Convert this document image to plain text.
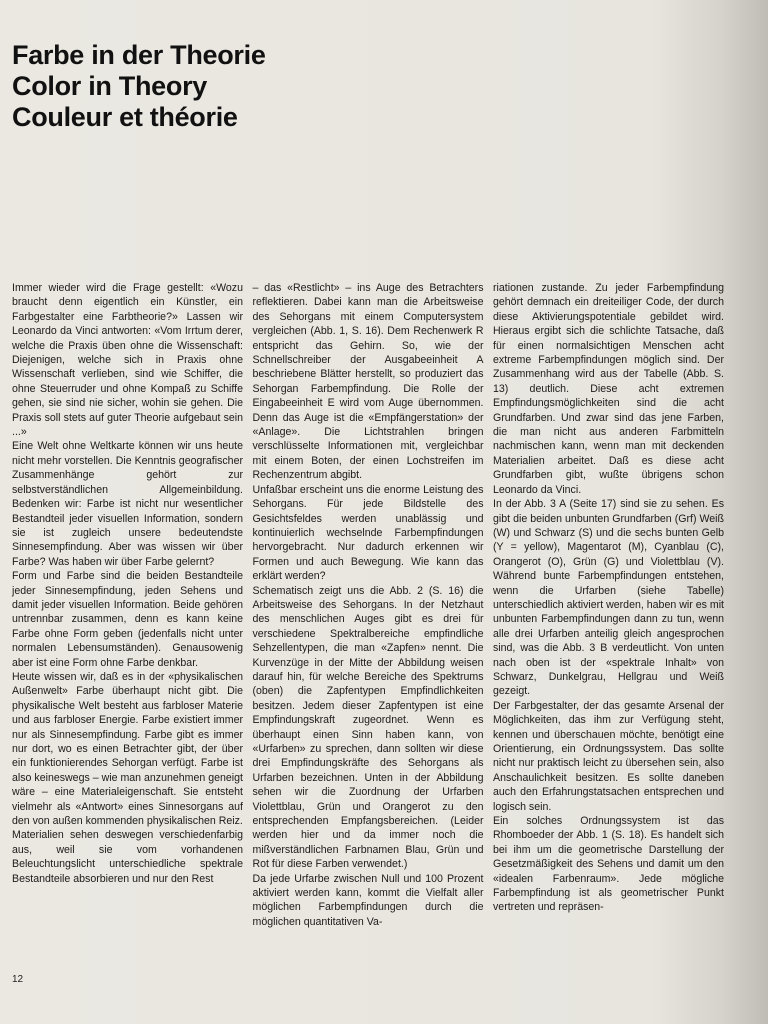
Farbe in der Theorie
Color in Theory
Couleur et théorie

Immer wieder wird die Frage gestellt: «Wozu braucht denn eigentlich ein Künstler, ein Farbgestalter eine Farbtheorie?» Lassen wir Leonardo da Vinci antworten: «Vom Irrtum derer, welche die Praxis üben ohne die Wissenschaft: Diejenigen, welche sich in Praxis ohne Wissenschaft verlieben, sind wie Schiffer, die ohne Steuerruder und ohne Kompaß zu Schiffe gehen, sie sind nie sicher, wohin sie gehen. Die Praxis soll stets auf guter Theorie aufgebaut sein ...»

Eine Welt ohne Weltkarte können wir uns heute nicht mehr vorstellen. Die Kenntnis geografischer Zusammenhänge gehört zur selbstverständlichen Allgemeinbildung. Bedenken wir: Farbe ist nicht nur wesentlicher Bestandteil jeder visuellen Information, sondern sie ist zugleich unsere bedeutendste Sinnesempfindung. Aber was wissen wir über Farbe? Was haben wir über Farbe gelernt?

Form und Farbe sind die beiden Bestandteile jeder Sinnesempfindung, jeden Sehens und damit jeder visuellen Information. Beide gehören untrennbar zusammen, denn es kann keine Farbe ohne Form geben (jedenfalls nicht unter normalen Lebensumständen). Genausowenig aber ist eine Form ohne Farbe denkbar.

Heute wissen wir, daß es in der «physikalischen Außenwelt» Farbe überhaupt nicht gibt. Die physikalische Welt besteht aus farbloser Materie und aus farbloser Energie. Farbe existiert immer nur als Sinnesempfindung. Farbe gibt es immer nur dort, wo es einen Betrachter gibt, der über ein funktionierendes Sehorgan verfügt. Farbe ist also keineswegs – wie man anzunehmen geneigt wäre – eine Materialeigenschaft. Sie entsteht vielmehr als «Antwort» eines Sinnesorgans auf den von außen kommenden physikalischen Reiz.

Materialien sehen deswegen verschiedenfarbig aus, weil sie vom vorhandenen Beleuchtungslicht unterschiedliche spektrale Bestandteile absorbieren und nur den Rest

– das «Restlicht» – ins Auge des Betrachters reflektieren. Dabei kann man die Arbeitsweise des Sehorgans mit einem Computersystem vergleichen (Abb. 1, S. 16). Dem Rechenwerk R entspricht das Gehirn. So, wie der Schnellschreiber der Ausgabeeinheit A beschriebene Blätter herstellt, so produziert das Sehorgan Farbempfindung. Die Rolle der Eingabeeinheit E wird vom Auge übernommen. Denn das Auge ist die «Empfängerstation» der «Anlage». Die Lichtstrahlen bringen verschlüsselte Informationen mit, vergleichbar mit einem Boten, der einen Lochstreifen im Rechenzentrum abgibt.

Unfaßbar erscheint uns die enorme Leistung des Sehorgans. Für jede Bildstelle des Gesichtsfeldes werden unablässig und kontinuierlich wechselnde Farbempfindungen hervorgebracht. Nur dadurch erkennen wir Formen und auch Bewegung. Wie kann das erklärt werden?

Schematisch zeigt uns die Abb. 2 (S. 16) die Arbeitsweise des Sehorgans. In der Netzhaut des menschlichen Auges gibt es drei für verschiedene Spektralbereiche empfindliche Sehzellentypen, die man «Zapfen» nennt. Die Kurvenzüge in der Mitte der Abbildung weisen darauf hin, für welche Bereiche des Spektrums (oben) die Zapfentypen Empfindlichkeiten besitzen. Jedem dieser Zapfentypen ist eine Empfindungskraft zugeordnet. Wenn es überhaupt einen Sinn haben kann, von «Urfarben» zu sprechen, dann sollten wir diese drei Empfindungskräfte des Sehorgans als Urfarben bezeichnen. Unten in der Abbildung sehen wir die Zuordnung der Urfarben Violettblau, Grün und Orangerot zu den entsprechenden Empfangsbereichen. (Leider werden hier und da immer noch die mißverständlichen Farbnamen Blau, Grün und Rot für diese Farben verwendet.)

Da jede Urfarbe zwischen Null und 100 Prozent aktiviert werden kann, kommt die Vielfalt aller möglichen Farbempfindungen durch die möglichen quantitativen Va-

riationen zustande. Zu jeder Farbempfindung gehört demnach ein dreiteiliger Code, der durch diese Aktivierungspotentiale gebildet wird. Hieraus ergibt sich die schlichte Tatsache, daß für einen normalsichtigen Menschen acht extreme Farbempfindungen möglich sind. Der Zusammenhang wird aus der Tabelle (Abb. S. 13) deutlich. Diese acht extremen Empfindungsmöglichkeiten sind die acht Grundfarben. Und zwar sind das jene Farben, die man nicht aus anderen Farbmitteln nachmischen kann, wenn man mit deckenden Materialien arbeitet. Daß es diese acht Grundfarben gibt, wußte übrigens schon Leonardo da Vinci.

In der Abb. 3 A (Seite 17) sind sie zu sehen. Es gibt die beiden unbunten Grundfarben (Grf) Weiß (W) und Schwarz (S) und die sechs bunten Gelb (Y = yellow), Magentarot (M), Cyanblau (C), Orangerot (O), Grün (G) und Violettblau (V). Während bunte Farbempfindungen entstehen, wenn die Urfarben (siehe Tabelle) unterschiedlich aktiviert werden, haben wir es mit unbunten Farbempfindungen dann zu tun, wenn alle drei Urfarben anteilig gleich angesprochen sind, was die Abb. 3 B verdeutlicht. Von unten nach oben ist der «spektrale Inhalt» von Schwarz, Dunkelgrau, Hellgrau und Weiß gezeigt.

Der Farbgestalter, der das gesamte Arsenal der Möglichkeiten, das ihm zur Verfügung steht, kennen und überschauen möchte, benötigt eine Orientierung, ein Ordnungssystem. Das sollte nicht nur praktisch leicht zu übersehen sein, also Anschaulichkeit besitzen. Es sollte daneben auch den Erfahrungstatsachen entsprechen und logisch sein.

Ein solches Ordnungssystem ist das Rhomboeder der Abb. 1 (S. 18). Es handelt sich bei ihm um die geometrische Darstellung der Gesetzmäßigkeit des Sehens und damit um den «idealen Farbenraum». Jede mögliche Farbempfindung ist als geometrischer Punkt vertreten und repräsen-

12
